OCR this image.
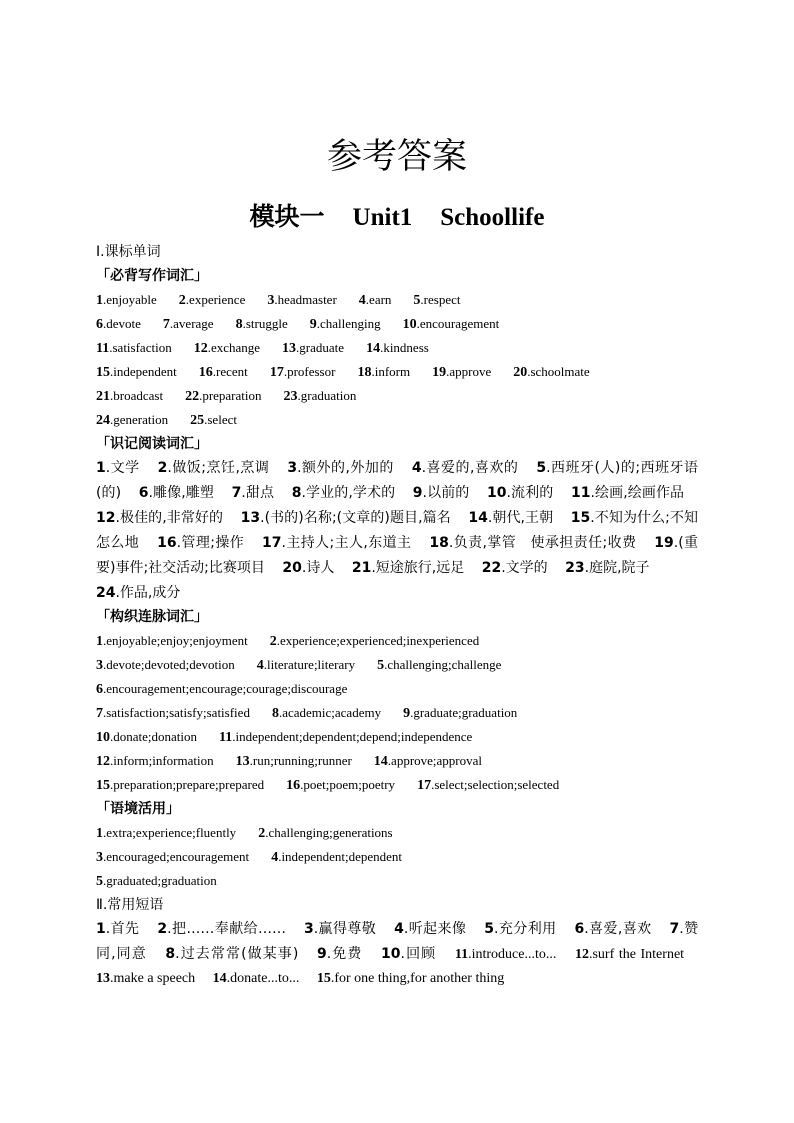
参考答案
模块一 Unit1 Schoollife
Ⅰ.课标单词
「必背写作词汇」
1.enjoyable 2.experience 3.headmaster 4.earn 5.respect
6.devote 7.average 8.struggle 9.challenging 10.encouragement
11.satisfaction 12.exchange 13.graduate 14.kindness
15.independent 16.recent 17.professor 18.inform 19.approve 20.schoolmate
21.broadcast 22.preparation 23.graduation
24.generation 25.select
「识记阅读词汇」
1.文学 2.做饭;烹饪,烹调 3.额外的,外加的 4.喜爱的,喜欢的 5.西班牙(人)的;西班牙语(的) 6.雕像,雕塑 7.甜点 8.学业的,学术的 9.以前的 10.流利的 11.绘画,绘画作品 12.极佳的,非常好的 13.(书的)名称;(文章的)题目,篇名 14.朝代,王朝 15.不知为什么;不知怎么地 16.管理;操作 17.主持人;主人,东道主 18.负责,掌管　使承担责任;收费 19.(重要)事件;社交活动;比赛项目 20.诗人 21.短途旅行,远足 22.文学的 23.庭院,院子
24.作品,成分
「构织连脉词汇」
1.enjoyable;enjoy;enjoyment 2.experience;experienced;inexperienced
3.devote;devoted;devotion 4.literature;literary 5.challenging;challenge
6.encouragement;encourage;courage;discourage
7.satisfaction;satisfy;satisfied 8.academic;academy 9.graduate;graduation
10.donate;donation 11.independent;dependent;depend;independence
12.inform;information 13.run;running;runner 14.approve;approval
15.preparation;prepare;prepared 16.poet;poem;poetry 17.select;selection;selected
「语境活用」
1.extra;experience;fluently 2.challenging;generations
3.encouraged;encouragement 4.independent;dependent
5.graduated;graduation
Ⅱ.常用短语
1.首先 2.把……奉献给…… 3.赢得尊敬 4.听起来像 5.充分利用 6.喜爱,喜欢 7.赞同,同意 8.过去常常(做某事) 9.免费 10.回顾 11.introduce...to... 12.surf the Internet 13.make a speech 14.donate...to... 15.for one thing,for another thing
